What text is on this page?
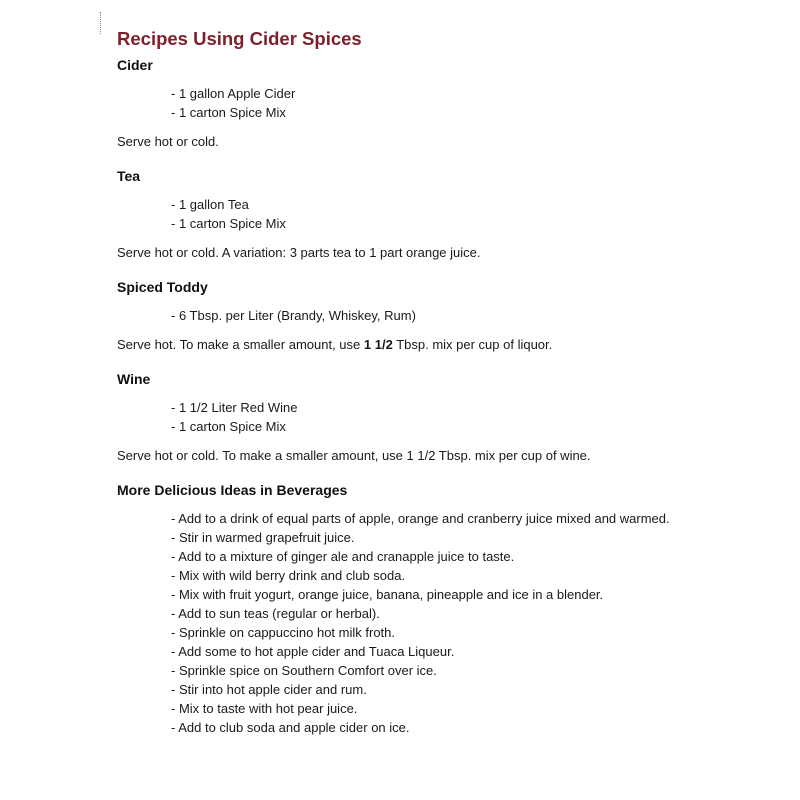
Recipes Using Cider Spices
Cider
- 1 gallon Apple Cider
- 1 carton Spice Mix

Serve hot or cold.

Tea
- 1 gallon Tea
- 1 carton Spice Mix

Serve hot or cold. A variation: 3 parts tea to 1 part orange juice.

Spiced Toddy
- 6 Tbsp. per Liter (Brandy, Whiskey, Rum)

Serve hot. To make a smaller amount, use 1 1/2 Tbsp. mix per cup of liquor.

Wine
- 1 1/2 Liter Red Wine
- 1 carton Spice Mix

Serve hot or cold. To make a smaller amount, use 1 1/2 Tbsp. mix per cup of wine.

More Delicious Ideas in Beverages
- Add to a drink of equal parts of apple, orange and cranberry juice mixed and warmed.
- Stir in warmed grapefruit juice.
- Add to a mixture of ginger ale and cranapple juice to taste.
- Mix with wild berry drink and club soda.
- Mix with fruit yogurt, orange juice, banana, pineapple and ice in a blender.
- Add to sun teas (regular or herbal).
- Sprinkle on cappuccino hot milk froth.
- Add some to hot apple cider and Tuaca Liqueur.
- Sprinkle spice on Southern Comfort over ice.
- Stir into hot apple cider and rum.
- Mix to taste with hot pear juice.
- Add to club soda and apple cider on ice.
